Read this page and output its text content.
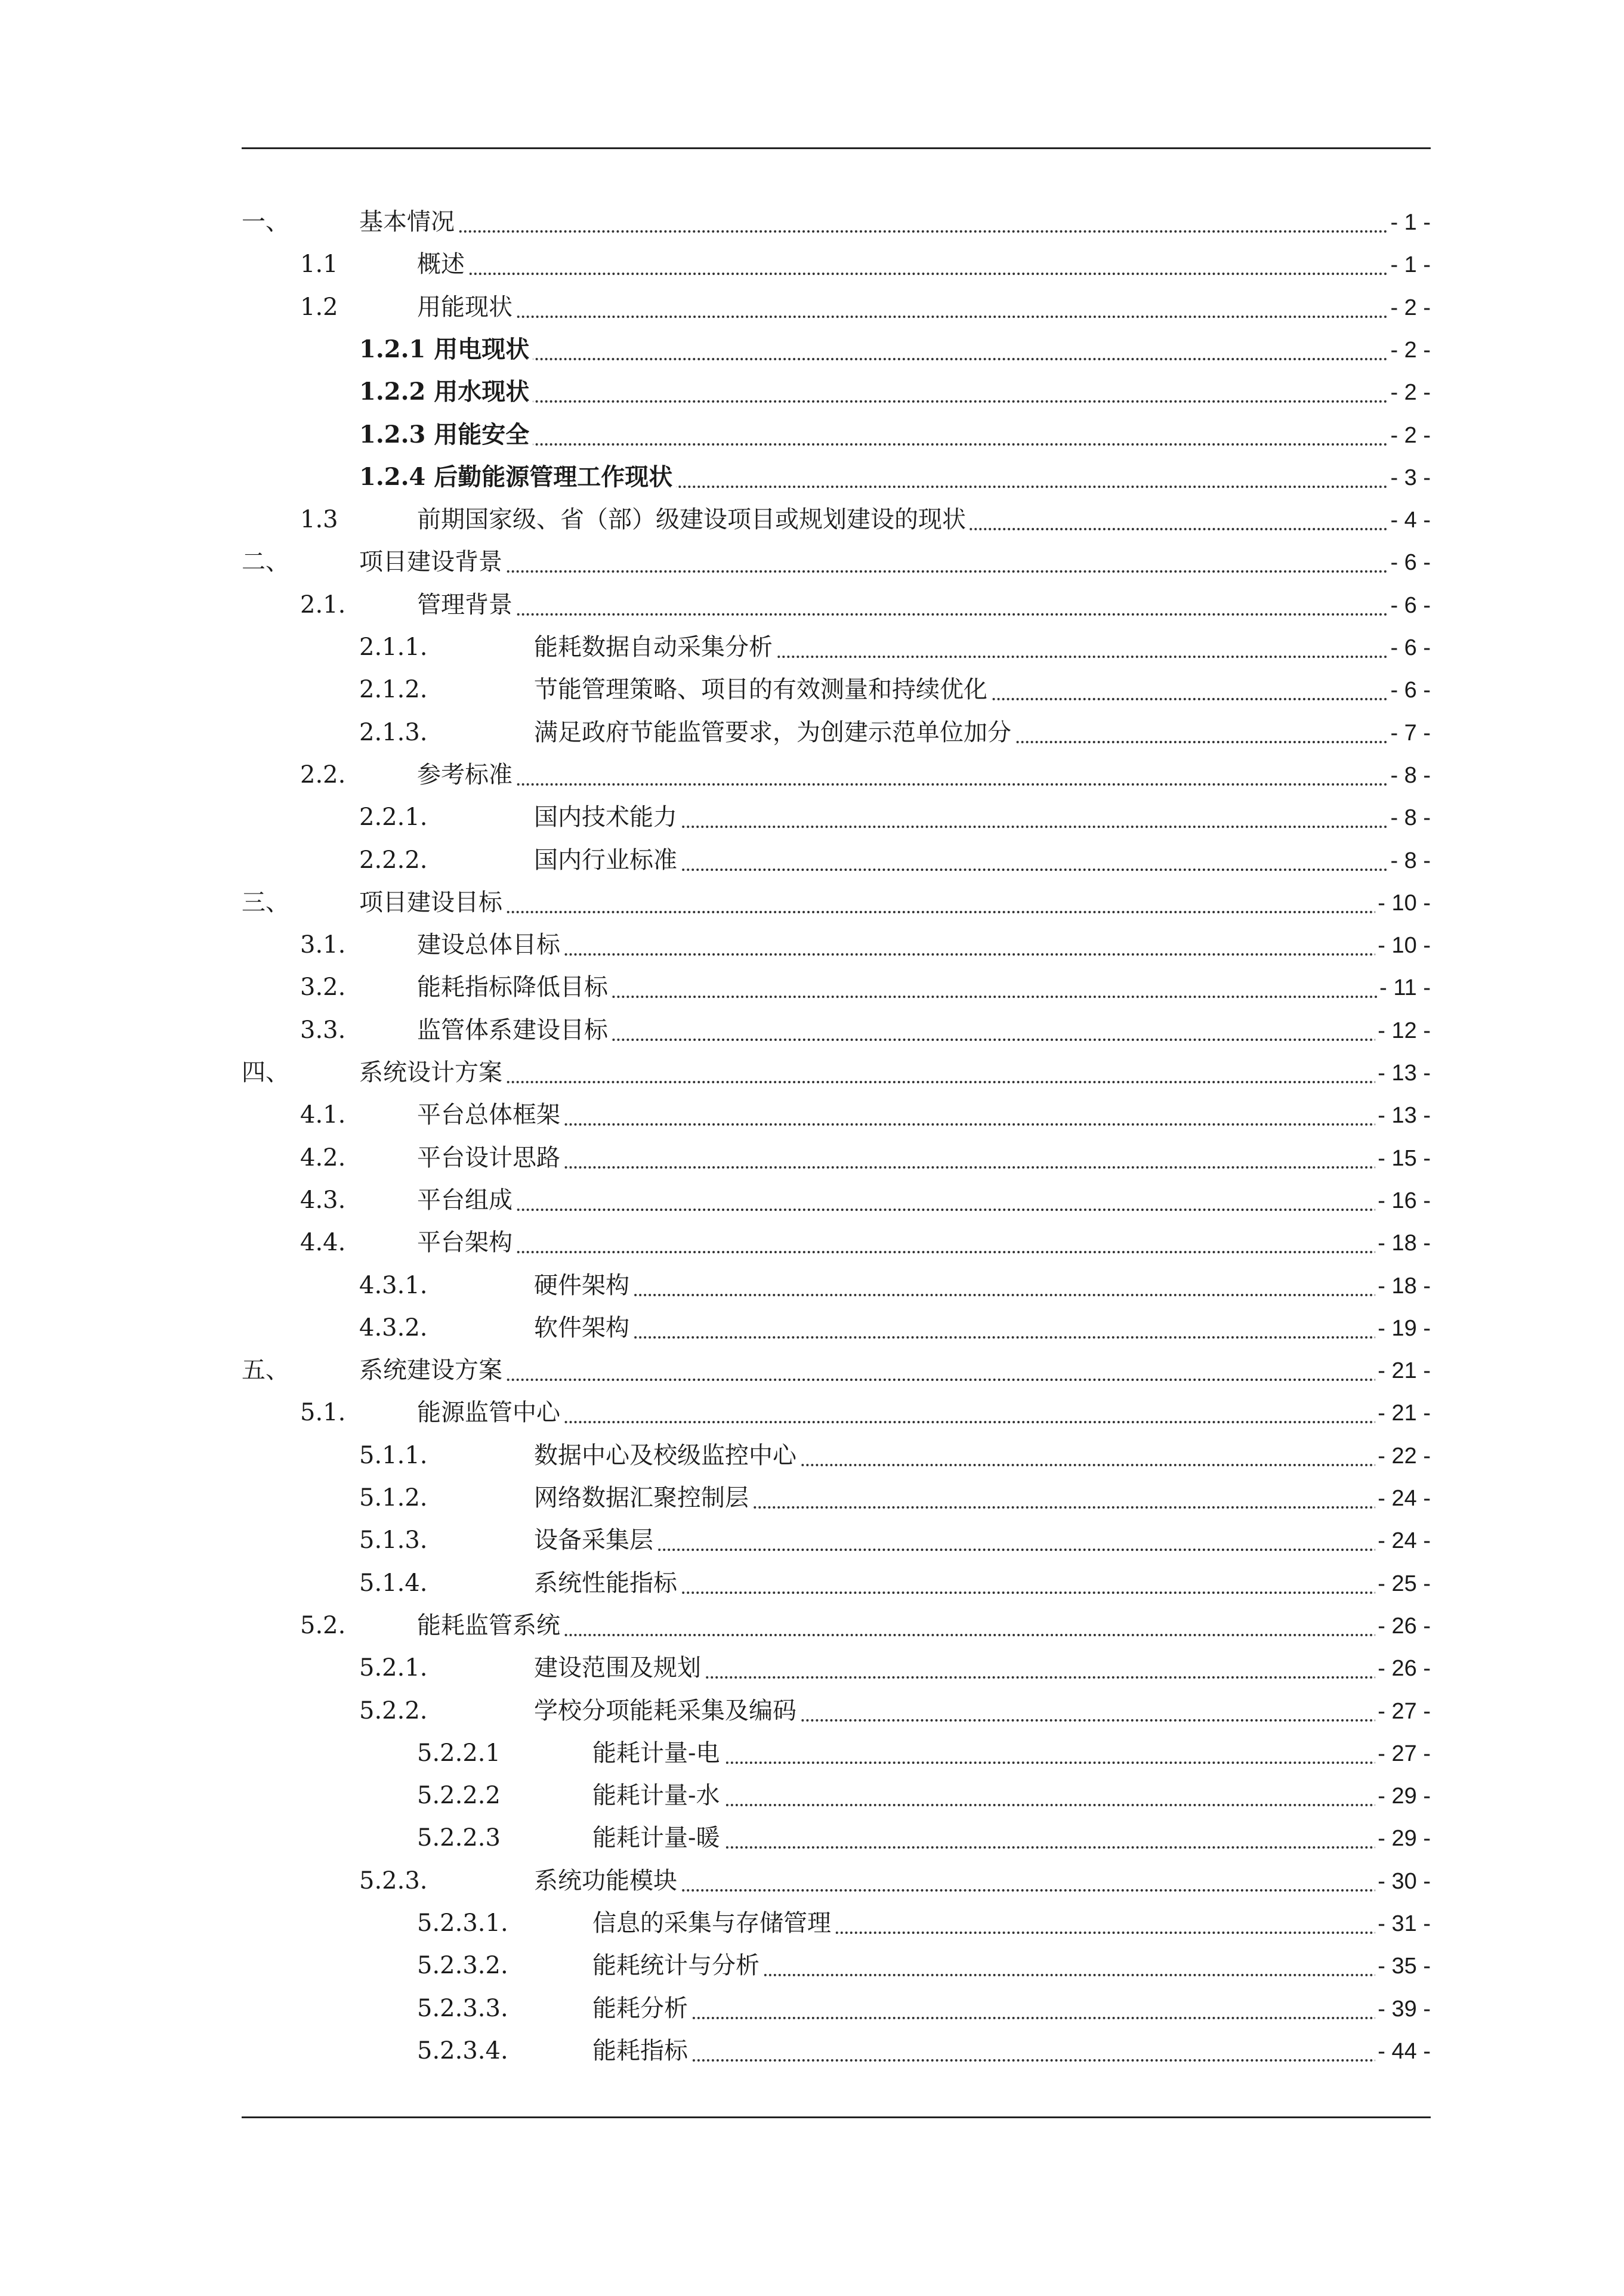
一、	基本情况	- 1 -
1.1	概述	- 1 -
1.2	用能现状	- 2 -
1.2.1 用电现状	- 2 -
1.2.2 用水现状	- 2 -
1.2.3 用能安全	- 2 -
1.2.4 后勤能源管理工作现状	- 3 -
1.3	前期国家级、省（部）级建设项目或规划建设的现状	- 4 -
二、	项目建设背景	- 6 -
2.1.	管理背景	- 6 -
2.1.1.	能耗数据自动采集分析	- 6 -
2.1.2.	节能管理策略、项目的有效测量和持续优化	- 6 -
2.1.3.	满足政府节能监管要求，为创建示范单位加分	- 7 -
2.2.	参考标准	- 8 -
2.2.1.	国内技术能力	- 8 -
2.2.2.	国内行业标准	- 8 -
三、	项目建设目标	- 10 -
3.1.	建设总体目标	- 10 -
3.2.	能耗指标降低目标	- 11 -
3.3.	监管体系建设目标	- 12 -
四、	系统设计方案	- 13 -
4.1.	平台总体框架	- 13 -
4.2.	平台设计思路	- 15 -
4.3.	平台组成	- 16 -
4.4.	平台架构	- 18 -
4.3.1.	硬件架构	- 18 -
4.3.2.	软件架构	- 19 -
五、	系统建设方案	- 21 -
5.1.	能源监管中心	- 21 -
5.1.1.	数据中心及校级监控中心	- 22 -
5.1.2.	网络数据汇聚控制层	- 24 -
5.1.3.	设备采集层	- 24 -
5.1.4.	系统性能指标	- 25 -
5.2.	能耗监管系统	- 26 -
5.2.1.	建设范围及规划	- 26 -
5.2.2.	学校分项能耗采集及编码	- 27 -
5.2.2.1	能耗计量-电	- 27 -
5.2.2.2	能耗计量-水	- 29 -
5.2.2.3	能耗计量-暖	- 29 -
5.2.3.	系统功能模块	- 30 -
5.2.3.1.	信息的采集与存储管理	- 31 -
5.2.3.2.	能耗统计与分析	- 35 -
5.2.3.3.	能耗分析	- 39 -
5.2.3.4.	能耗指标	- 44 -
